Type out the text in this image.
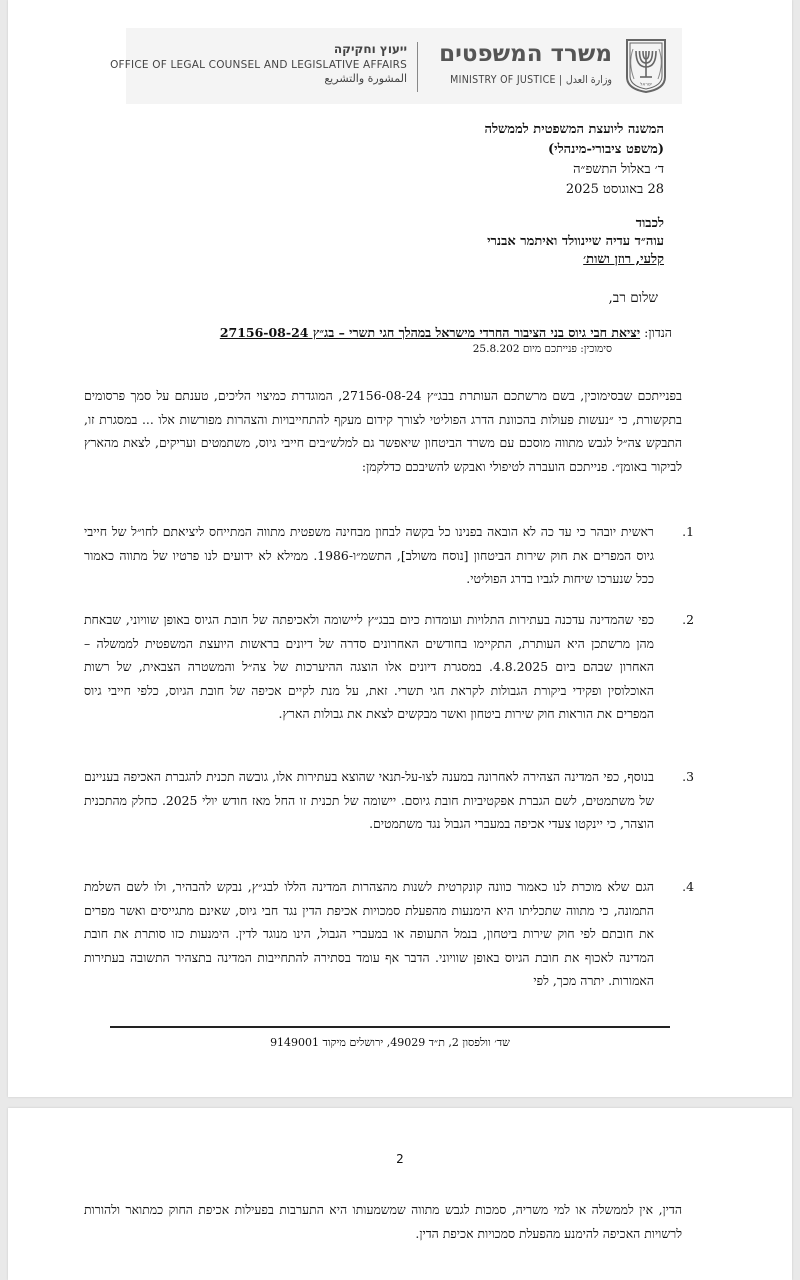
ישראל
משרד המשפטים
MINISTRY OF JUSTICE | وزارة العدل
ייעוץ וחקיקה
OFFICE OF LEGAL COUNSEL AND LEGISLATIVE AFFAIRS
المشورة والتشريع
המשנה ליועצת המשפטית לממשלה
(משפט ציבורי-מינהלי)
ד׳ באלול התשפ״ה
28 באוגוסט 2025
לכבוד
עוה״ד עדיה שיינוולד ואיתמר אבנרי
קלעי, רוזן ושות׳
שלום רב,
הנדון: יציאת חבי גיוס בני הציבור החרדי מישראל במהלך חגי תשרי – בג״ץ 27156-08-24
סימוכין: פנייתכם מיום 25.8.202
בפנייתכם שבסימוכין, בשם מרשתכם העותרת בבג״ץ 27156-08-24, המוגדרת כמיצוי הליכים, טענתם על סמך פרסומים בתקשורת, כי ״נעשות פעולות בהכוונת הדרג הפוליטי לצורך קידום מעקף להתחייבויות והצהרות מפורשות אלו ... במסגרת זו, התבקש צה״ל לגבש מתווה מוסכם עם משרד הביטחון שיאפשר גם למלש״בים חייבי גיוס, משתמטים ועריקים, לצאת מהארץ לביקור באומן״. פנייתכם הועברה לטיפולי ואבקש להשיבכם כדלקמן:
1.
ראשית יובהר כי עד כה לא הובאה בפנינו כל בקשה לבחון מבחינה משפטית מתווה המתייחס ליציאתם לחו״ל של חייבי גיוס המפרים את חוק שירות הביטחון [נוסח משולב], התשמ״ו-1986. ממילא לא ידועים לנו פרטיו של מתווה כאמור ככל שנערכו שיחות לגביו בדרג הפוליטי.
2.
כפי שהמדינה עדכנה בעתירות התלויות ועומדות כיום בבג״ץ ליישומה ולאכיפתה של חובת הגיוס באופן שוויוני, שבאחת מהן מרשתכן היא העותרת, התקיימו בחודשים האחרונים סדרה של דיונים בראשות היועצת המשפטית לממשלה – האחרון שבהם ביום 4.8.2025. במסגרת דיונים אלו הוצגה ההיערכות של צה״ל והמשטרה הצבאית, של רשות האוכלוסין ופקידי ביקורת הגבולות לקראת חגי תשרי. זאת, על מנת לקיים אכיפה של חובת הגיוס, כלפי חייבי גיוס המפרים את הוראות חוק שירות ביטחון ואשר מבקשים לצאת את גבולות הארץ.
3.
בנוסף, כפי המדינה הצהירה לאחרונה במענה לצו-על-תנאי שהוצא בעתירות אלו, גובשה תכנית להגברת האכיפה בעניינם של משתמטים, לשם הגברת אפקטיביות חובת גיוסם. יישומה של תכנית זו החל מאז חודש יולי 2025. כחלק מהתכנית הוצהר, כי יינקטו צעדי אכיפה במעברי הגבול נגד משתמטים.
4.
הגם שלא מוכרת לנו כאמור כוונה קונקרטית לשנות מהצהרות המדינה הללו לבג״ץ, נבקש להבהיר, ולו לשם השלמת התמונה, כי מתווה שתכליתו היא הימנעות מהפעלת סמכויות אכיפת הדין נגד חבי גיוס, שאינם מתגייסים ואשר מפרים את חובתם לפי חוק שירות ביטחון, בנמל התעופה או במעברי הגבול, הינו מנוגד לדין. הימנעות כזו סותרת את חובת המדינה לאכוף את חובת הגיוס באופן שוויוני. הדבר אף עומד בסתירה להתחייבות המדינה בתצהיר התשובה בעתירות האמורות. יתרה מכך, לפי
שד׳ וולפסון 2, ת״ד 49029, ירושלים מיקוד 9149001
2
הדין, אין לממשלה או למי משריה, סמכות לגבש מתווה שמשמעותו היא התערבות בפעילות אכיפת החוק כמתואר ולהורות לרשויות האכיפה להימנע מהפעלת סמכויות אכיפת הדין.
